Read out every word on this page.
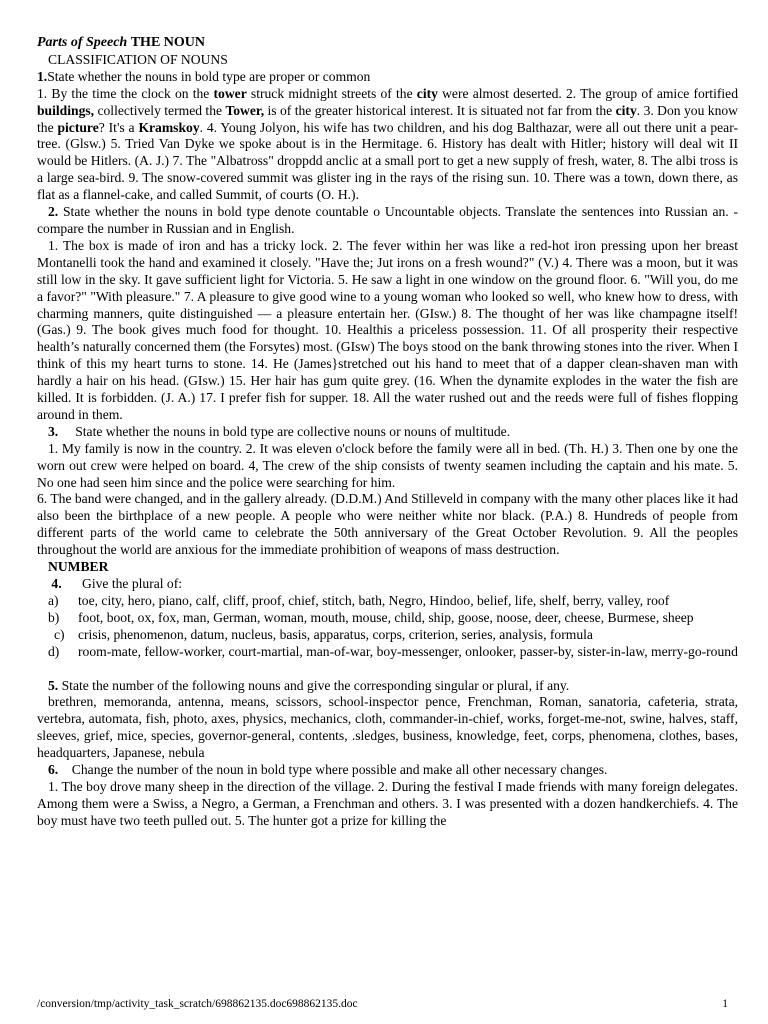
Parts of Speech THE NOUN

CLASSIFICATION OF NOUNS

1.State whether the nouns in bold type are proper or common

1. By the time the clock on the tower struck midnight streets of the city were almost deserted. 2. The group of amice fortified buildings, collectively termed the Tower, is of the greater historical interest. It is situated not far from the city. 3. Don you know the picture? It's a Kramskoy. 4. Young Jolyon, his wife has two children, and his dog Balthazar, were all out there unit a pear-tree. (Glsw.) 5. Tried Van Dyke we spoke about is in the Hermitage. 6. History has dealt with Hitler; history will deal wit II would be Hitlers. (A. J.) 7. The "Albatross" dropрdd anclic at a small port to get a new supply of fresh, water, 8. The albi tross is a large sea-bird. 9. The snow-covered summit was glister ing in the rays of the rising sun. 10. There was a town, down there, as flat as a flannel-cake, and called Summit, of courts (O. H.).

2. State whether the nouns in bold type denote countable o Uncountable objects. Translate the sentences into Russian an. -compare the number in Russian and in English.

1. The box is made of iron and has a tricky lock. 2. The fever within her was like a red-hot iron pressing upon her breast Montanelli took the hand and examined it closely. "Have the; Jut irons on a fresh wound?" (V.) 4. There was a moon, but it was still low in the sky. It gave sufficient light for Victoria. 5. He saw a light in one window on the ground floor. 6. "Will you, do me a favor?" "With pleasure." 7. A pleasure to give good wine to a young woman who looked so well, who knew how to dress, with charming manners, quite distinguished — a pleasure entertain her. (GIsw.) 8. The thought of her was like champagne itself! (Gas.) 9. The book gives much food for thought. 10. Healthis a priceless possession. 11. Of all prosperity their respective health’s naturally concerned them (the Forsytes) most. (GIsw) The boys stood on the bank throwing stones into the river. When I think of this my heart turns to stone. 14. He (James}stretched out his hand to meet that of a dapper clean-shaven man with hardly a hair on his head. (GIsw.) 15. Her hair has gum quite grey. (16. When the dynamite explodes in the water the fish are killed. It is forbidden. (J. A.) 17. I prefer fish for supper. 18. All the water rushed out and the reeds were full of fishes flopping around in them.

3. State whether the nouns in bold type are collective nouns or nouns of multitude.

1. My family is now in the country. 2. It was eleven o'clock before the family were all in bed. (Th. H.) 3. Then one by one the worn out crew were helped on board. 4, The crew of the ship consists of twenty seamen including the captain and his mate. 5. No one had seen him since and the police were searching for him.

6. The band were changed, and in the gallery already. (D.D.M.) And Stilleveld in company with the many other places like it had also been the birthplace of a new people. A people who were neither white nor black. (P.A.) 8. Hundreds of people from different parts of the world came to celebrate the 50th anniversary of the Great October Revolution. 9. All the peoples throughout the world are anxious for the immediate prohibition of weapons of mass destruction.

NUMBER

4. Give the plural of:

a) toe, city, hero, piano, calf, cliff, proof, chief, stitch, bath, Negro, Hindoo, belief, life, shelf, berry, valley, roof

b) foot, boot, ox, fox, man, German, woman, mouth, mouse, child, ship, goose, noose, deer, cheese, Burmese, sheep

c) crisis, phenomenon, datum, nucleus, basis, apparatus, corps, criterion, series, analysis, formula

d) room-mate, fellow-worker, court-martial, man-of-war, boy-messenger, onlooker, passer-by, sister-in-law, merry-go-round

5. State the number of the following nouns and give the corresponding singular or plural, if any.

brethren, memoranda, antenna, means, scissors, school-inspector pence, Frenchman, Roman, sanatoria, cafeteria, strata, vertebra, automata, fish, photo, axes, physics, mechanics, cloth, commander-in-chief, works, forget-me-not, swine, halves, staff, sleeves, grief, mice, species, governor-general, contents, .sledges, business, knowledge, feet, corps, phenomena, clothes, bases, headquarters, Japanese, nebula

6. Change the number of the noun in bold type where possible and make all other necessary changes.

1. The boy drove many sheep in the direction of the village. 2. During the festival I made friends with many foreign delegates. Among them were a Swiss, a Negro, a German, a Frenchman and others. 3. I was presented with a dozen handkerchiefs. 4. The boy must have two teeth pulled out. 5. The hunter got a prize for killing the

/conversion/tmp/activity_task_scratch/698862135.doc698862135.doc	1
